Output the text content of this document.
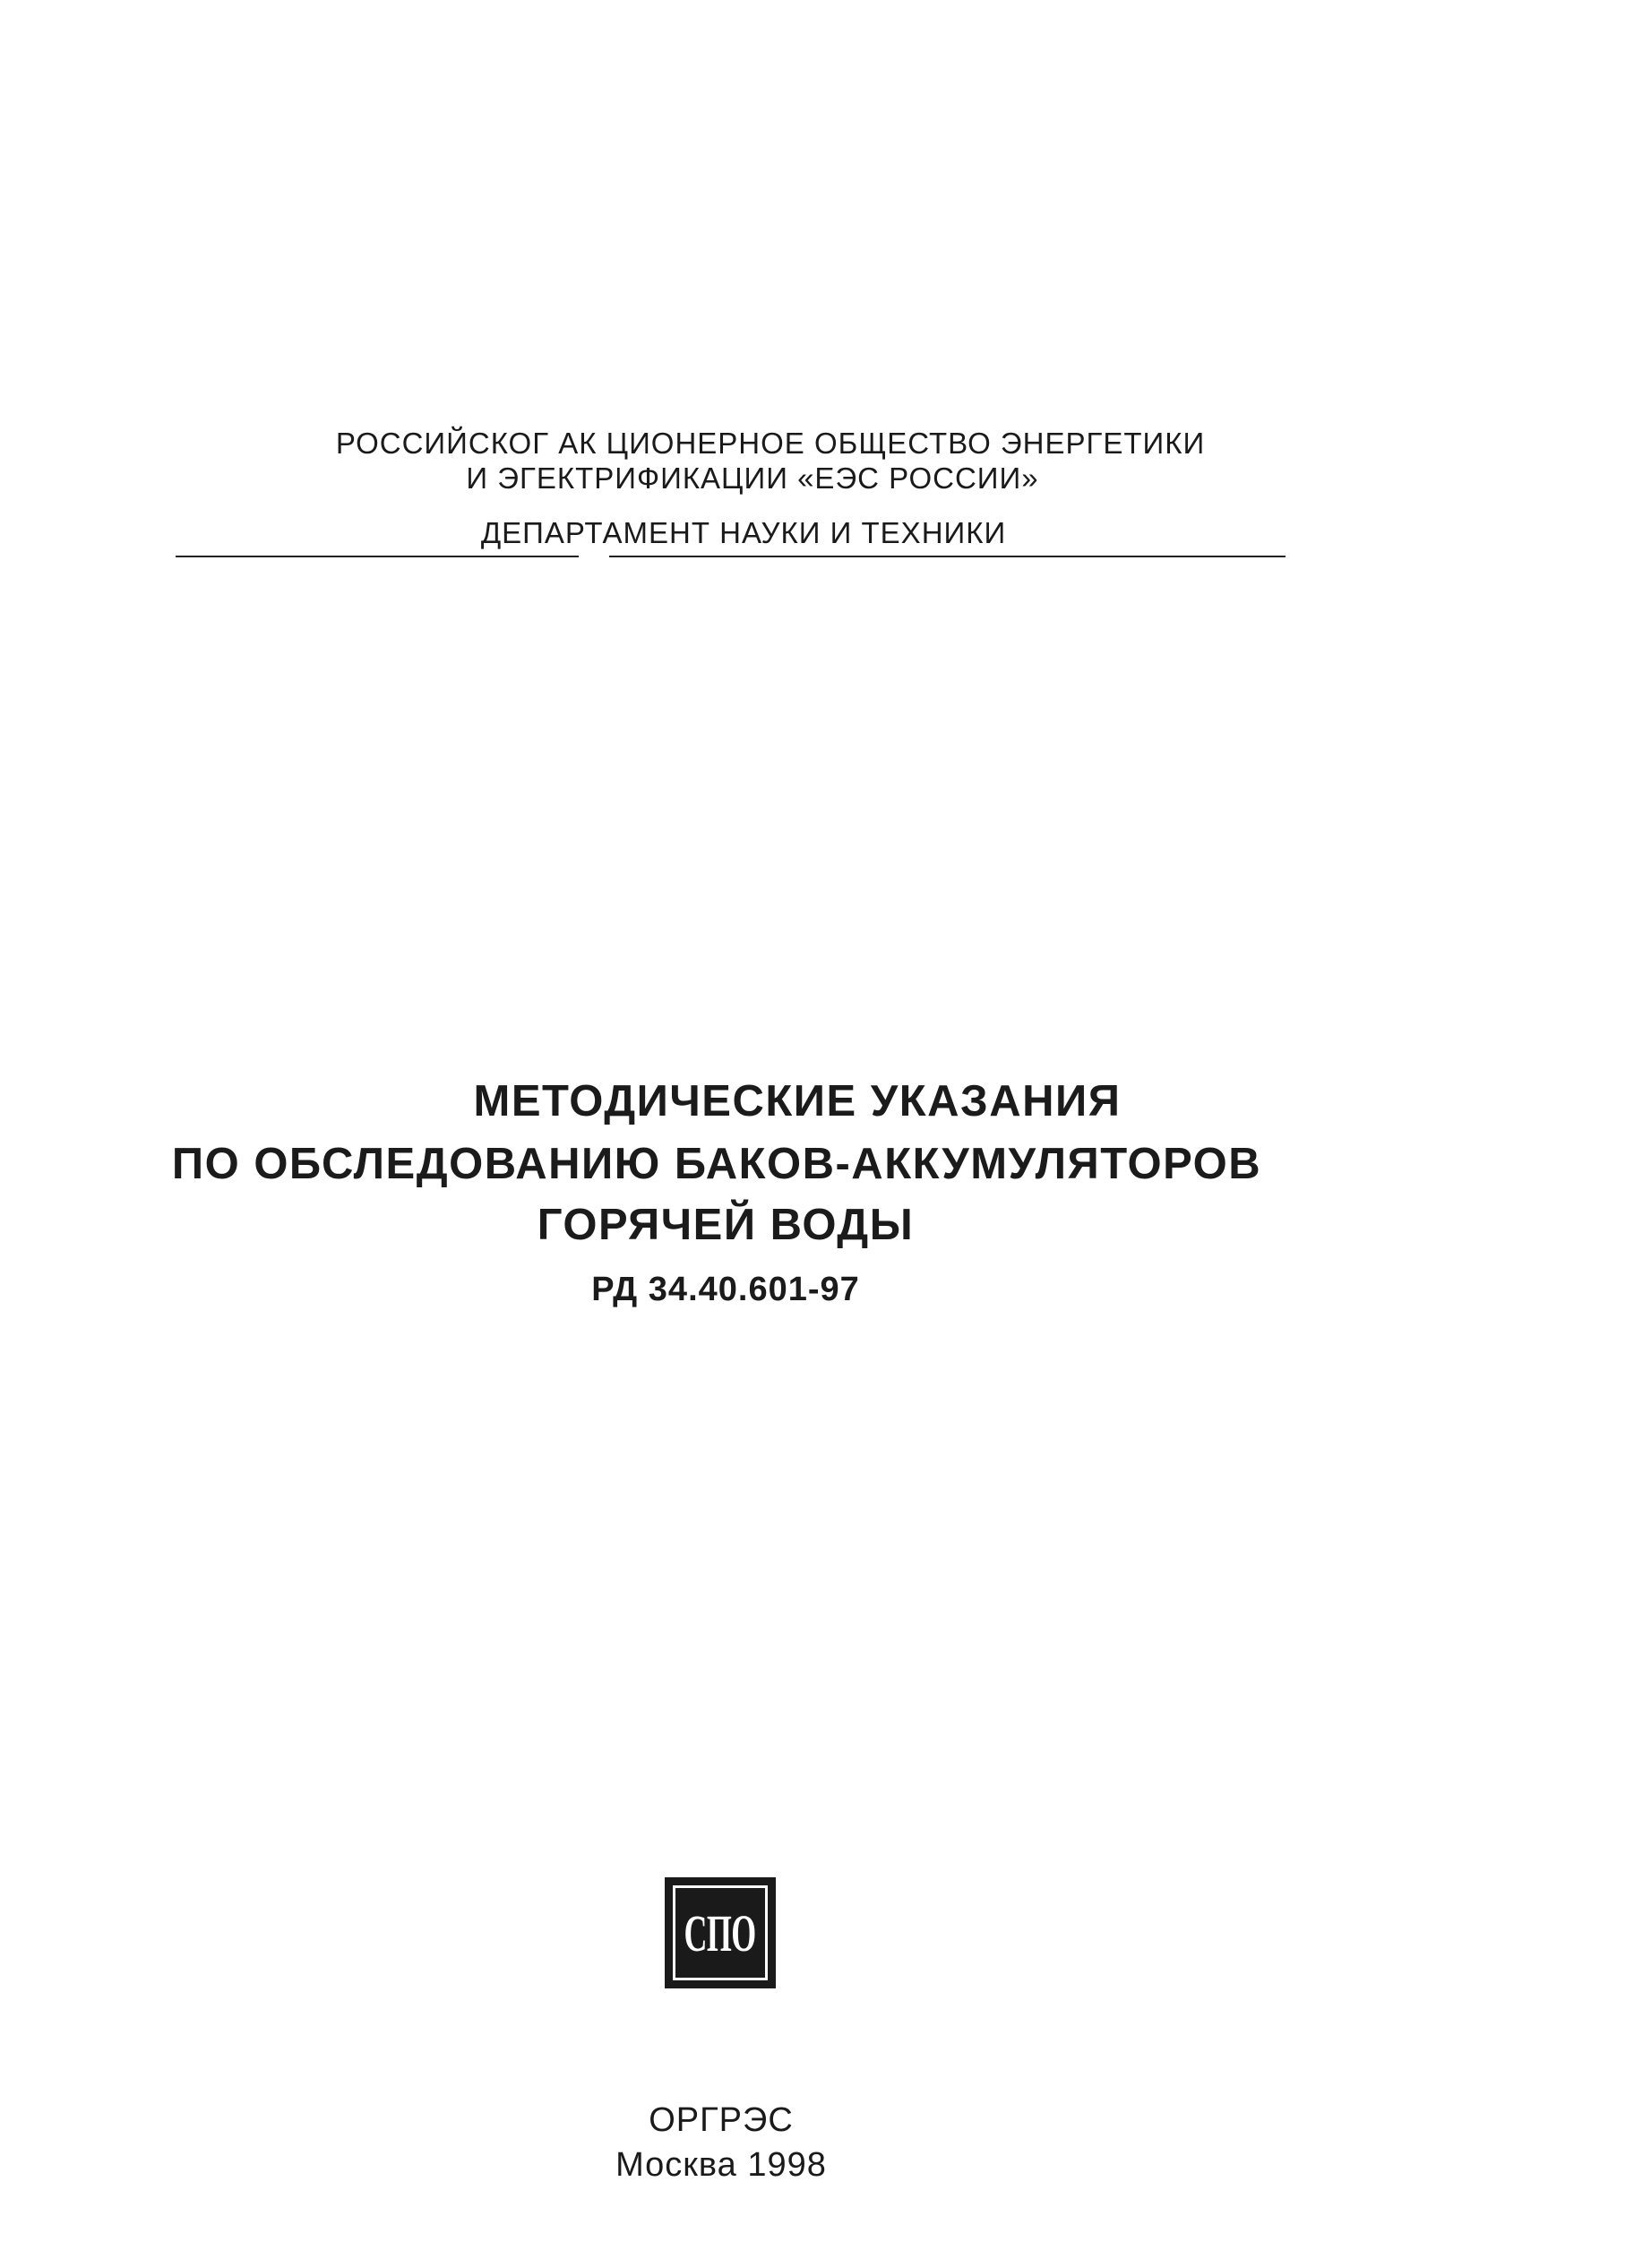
РОССИЙСКОГ АК ЦИОНЕРНОЕ ОБЩЕСТВО ЭНЕРГЕТИКИ
И ЭГЕКТРИФИКАЦИИ «ЕЭС РОССИИ»
ДЕПАРТАМЕНТ НАУКИ И ТЕХНИКИ
МЕТОДИЧЕСКИЕ УКАЗАНИЯ
ПО ОБСЛЕДОВАНИЮ БАКОВ-АККУМУЛЯТОРОВ
ГОРЯЧЕЙ ВОДЫ
РД 34.40.601-97
СПО
ОРГРЭС
Москва 1998
